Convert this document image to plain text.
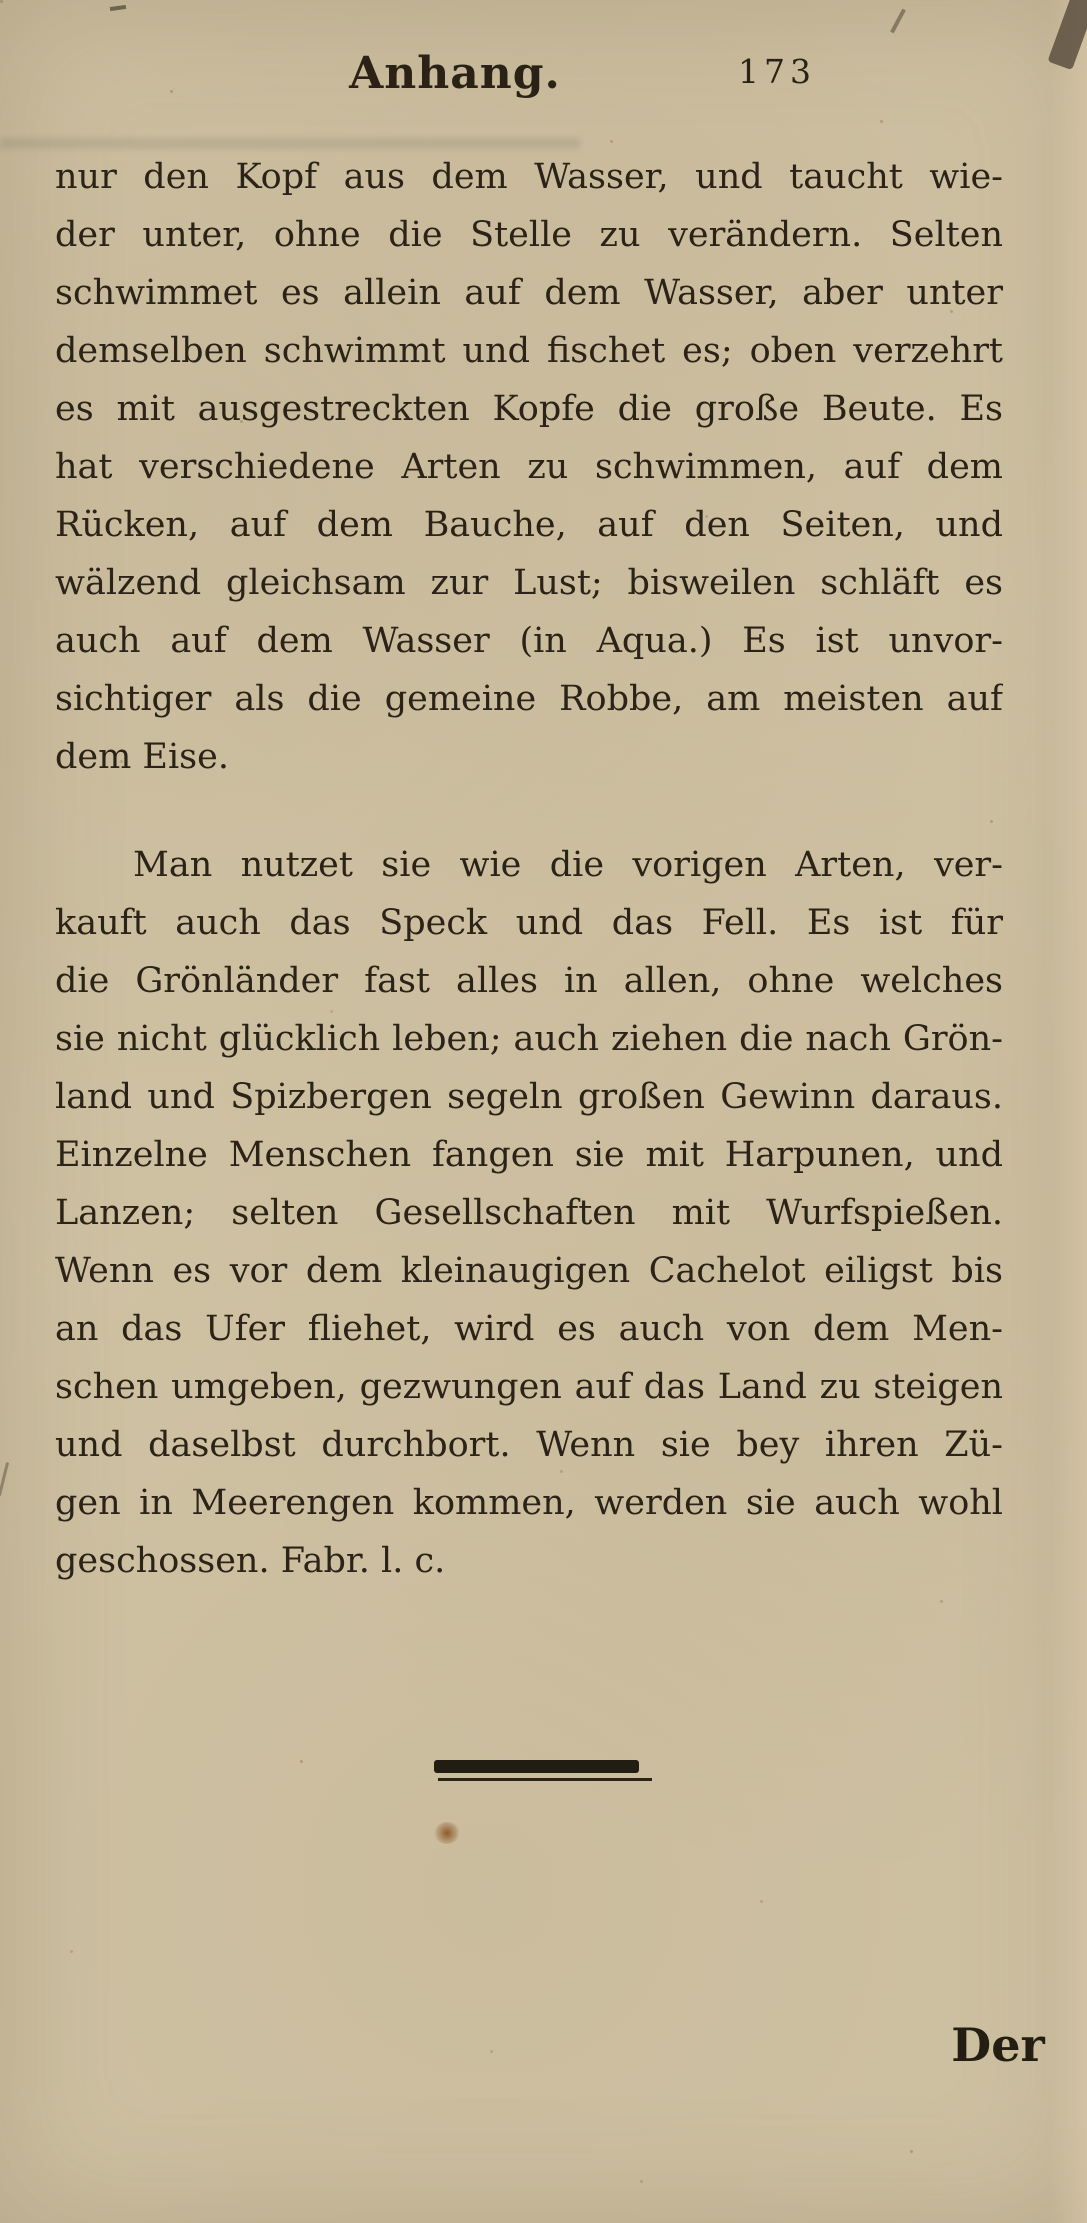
Anhang.	173
nur den Kopf aus dem Wasser, und taucht wie-
der unter, ohne die Stelle zu verändern. Selten
schwimmet es allein auf dem Wasser, aber unter
demselben schwimmt und fischet es; oben verzehrt
es mit ausgestreckten Kopfe die große Beute. Es
hat verschiedene Arten zu schwimmen, auf dem
Rücken, auf dem Bauche, auf den Seiten, und
wälzend gleichsam zur Lust; bisweilen schläft es
auch auf dem Wasser (in Aqua.) Es ist unvor-
sichtiger als die gemeine Robbe, am meisten auf
dem Eise.
Man nutzet sie wie die vorigen Arten, ver-
kauft auch das Speck und das Fell. Es ist für
die Grönländer fast alles in allen, ohne welches
sie nicht glücklich leben; auch ziehen die nach Grön-
land und Spizbergen segeln großen Gewinn daraus.
Einzelne Menschen fangen sie mit Harpunen, und
Lanzen; selten Gesellschaften mit Wurfspießen.
Wenn es vor dem kleinaugigen Cachelot eiligst bis
an das Ufer fliehet, wird es auch von dem Men-
schen umgeben, gezwungen auf das Land zu steigen
und daselbst durchbort. Wenn sie bey ihren Zü-
gen in Meerengen kommen, werden sie auch wohl
geschossen. Fabr. l. c.
Der
